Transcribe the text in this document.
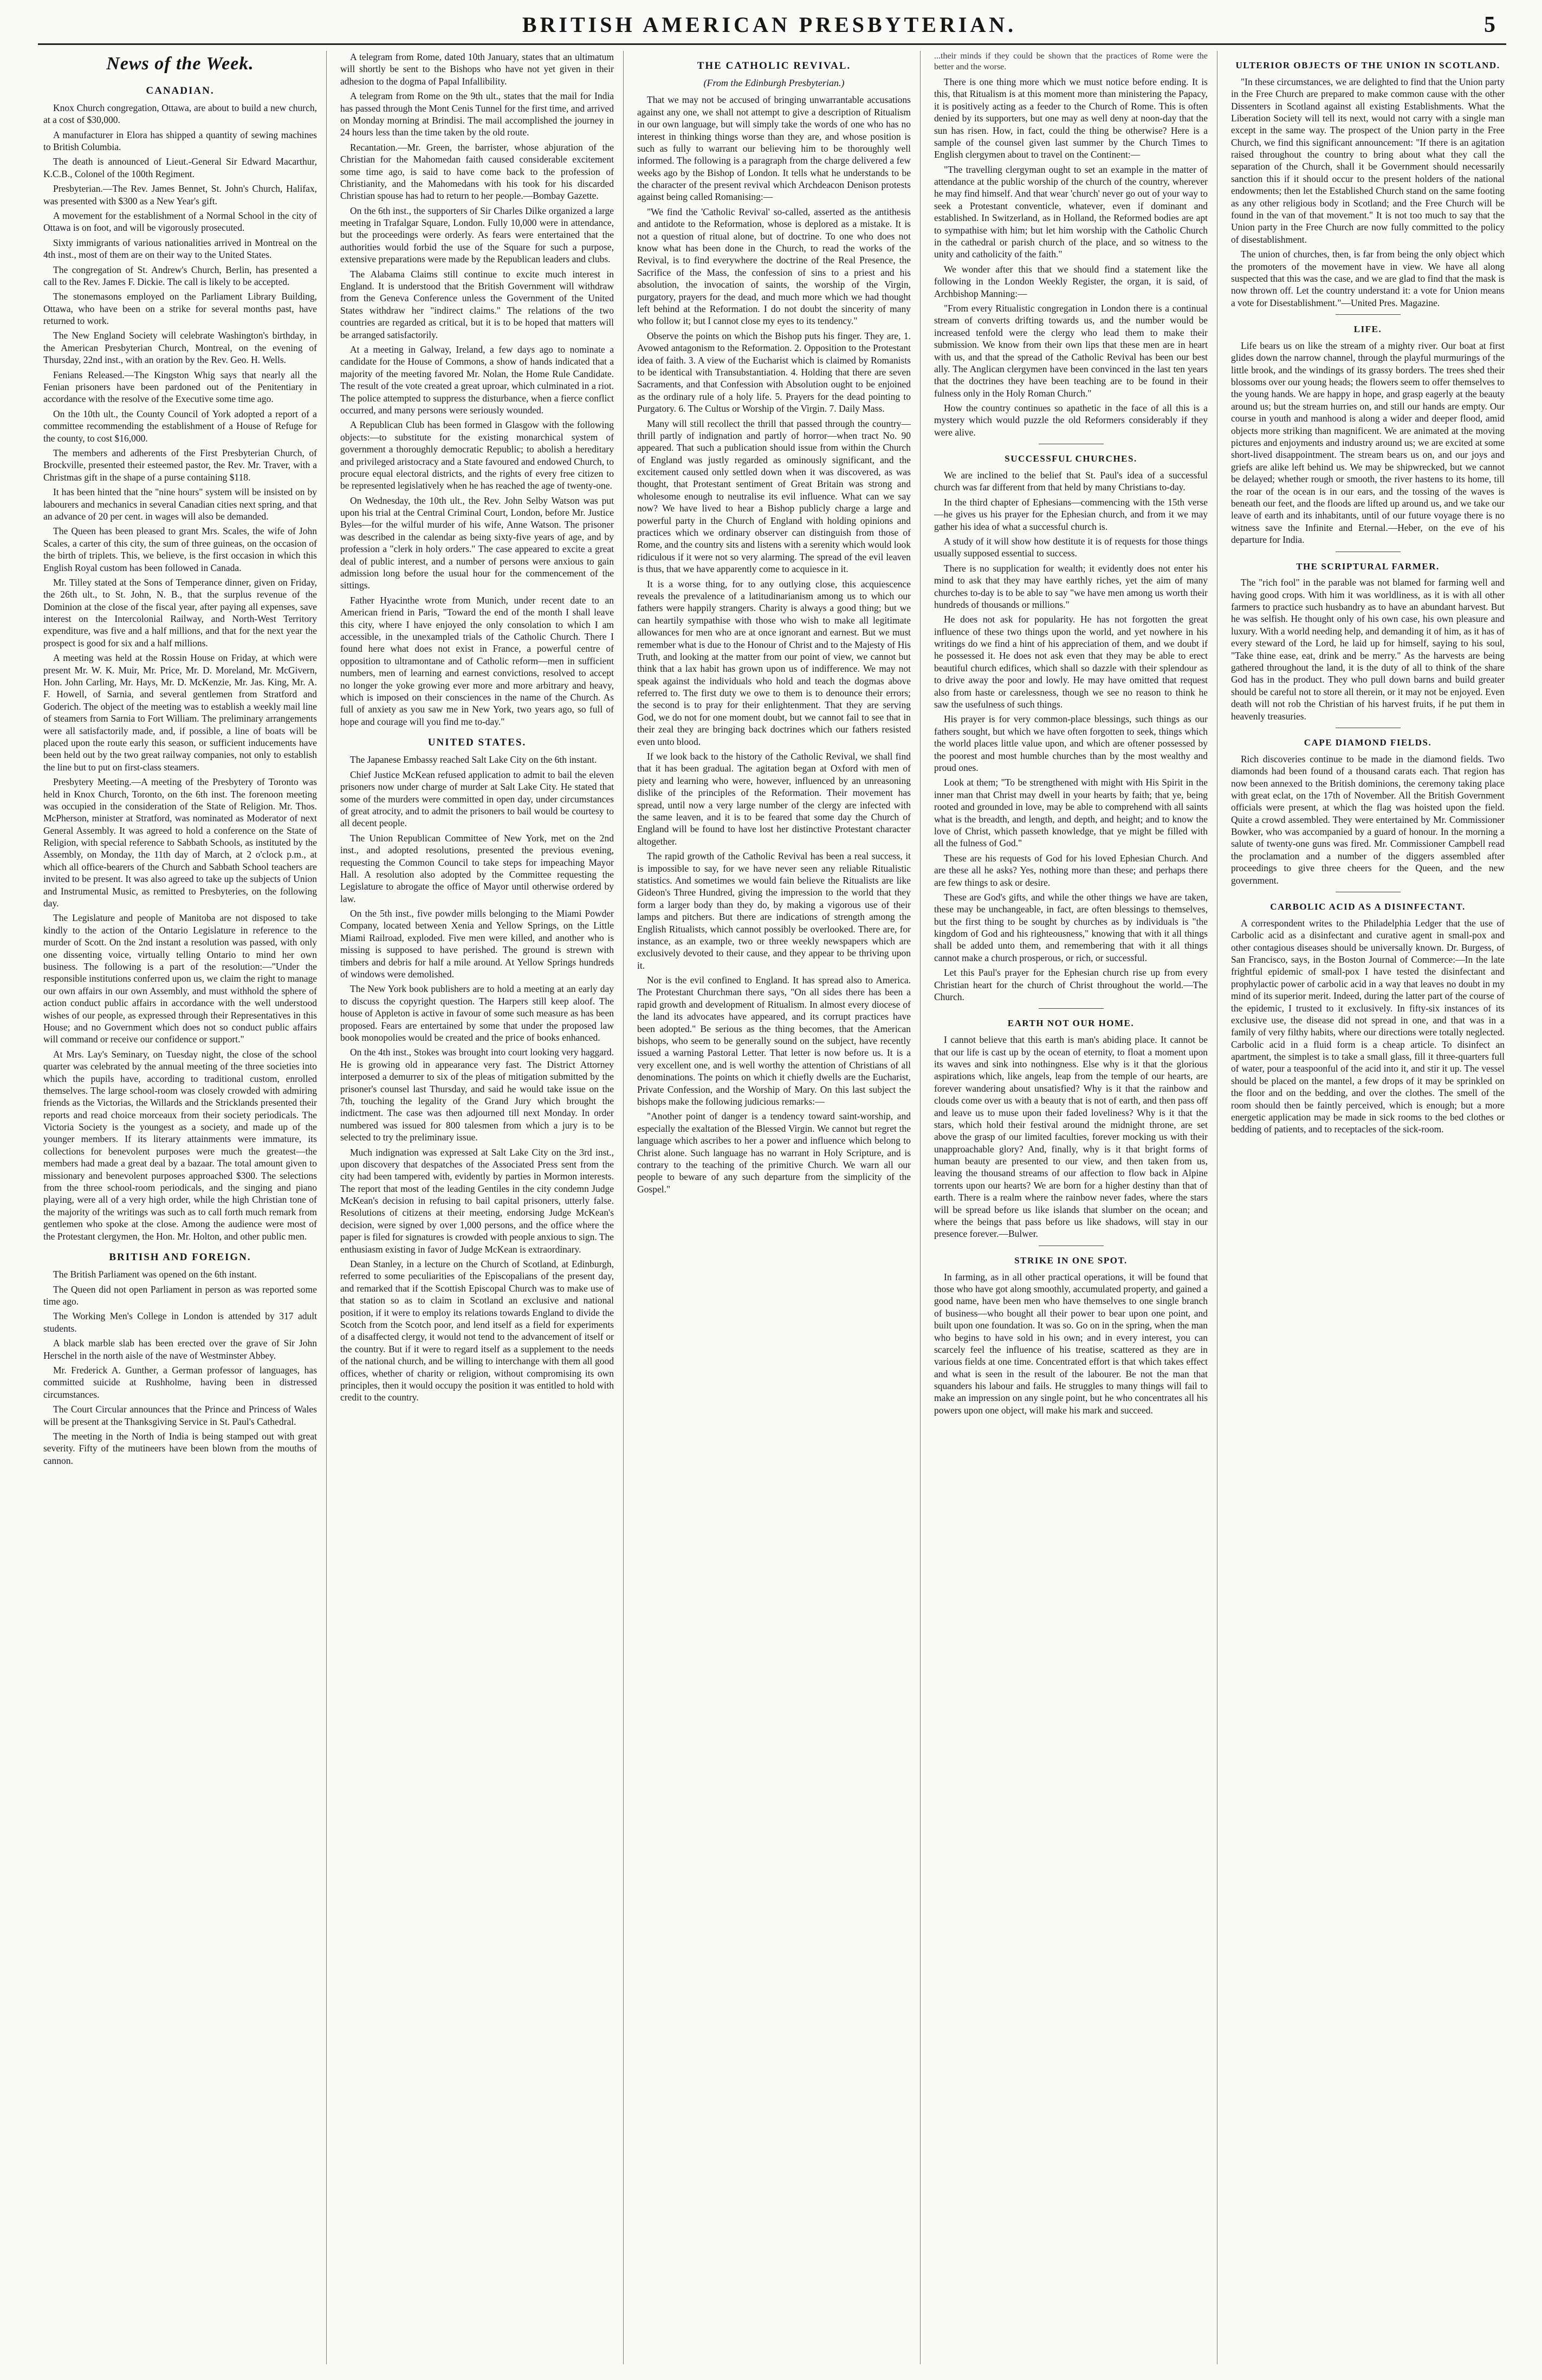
BRITISH AMERICAN PRESBYTERIAN.	5
News of the Week.
CANADIAN.

Knox Church congregation, Ottawa, are about to build a new church, at a cost of $30,000.

A manufacturer in Elora has shipped a quantity of sewing machines to British Columbia.

The death is announced of Lieut.-General Sir Edward Macarthur, K.C.B., Colonel of the 100th Regiment.

Presbyterian.—The Rev. James Bennet, St. John's Church, Halifax, was presented with $300 as a New Year's gift.

A movement for the establishment of a Normal School in the city of Ottawa is on foot, and will be vigorously prosecuted.

Sixty immigrants of various nationalities arrived in Montreal on the 4th inst., most of them are on their way to the United States.

The congregation of St. Andrew's Church, Berlin, has presented a call to the Rev. James F. Dickie. The call is likely to be accepted.

The stonemasons employed on the Parliament Library Building, Ottawa, who have been on a strike for several months past, have returned to work.

The New England Society will celebrate Washington's birthday, in the American Presbyterian Church, Montreal, on the evening of Thursday, 22nd inst., with an oration by the Rev. Geo. H. Wells.

Fenians Released.—The Kingston Whig says that nearly all the Fenian prisoners have been pardoned out of the Penitentiary in accordance with the resolve of the Executive some time ago.

On the 10th ult., the County Council of York adopted a report of a committee recommending the establishment of a House of Refuge for the county, to cost $16,000.

The members and adherents of the First Presbyterian Church, of Brockville, presented their esteemed pastor, the Rev. Mr. Traver, with a Christmas gift in the shape of a purse containing $118.

It has been hinted that the "nine hours" system will be insisted on by labourers and mechanics in several Canadian cities next spring, and that an advance of 20 per cent. in wages will also be demanded.

The Queen has been pleased to grant Mrs. Scales, the wife of John Scales, a carter of this city, the sum of three guineas, on the occasion of the birth of triplets. This, we believe, is the first occasion in which this English Royal custom has been followed in Canada.

Mr. Tilley stated at the Sons of Temperance dinner, given on Friday, the 26th ult., to St. John, N. B., that the surplus revenue of the Dominion at the close of the fiscal year, after paying all expenses, save interest on the Intercolonial Railway, and North-West Territory expenditure, was five and a half millions, and that for the next year the prospect is good for six and a half millions.

A meeting was held at the Rossin House on Friday, at which were present Mr. W. K. Muir, Mr. Price, Mr. D. Moreland, Mr. McGivern, Hon. John Carling, Mr. Hays, Mr. D. McKenzie, Mr. Jas. King, Mr. A. F. Howell, of Sarnia, and several gentlemen from Stratford and Goderich. The object of the meeting was to establish a weekly mail line of steamers from Sarnia to Fort William. The preliminary arrangements were all satisfactorily made, and, if possible, a line of boats will be placed upon the route early this season, or sufficient inducements have been held out by the two great railway companies, not only to establish the line but to put on first-class steamers.

Presbytery Meeting.—A meeting of the Presbytery of Toronto was held in Knox Church, Toronto, on the 6th inst. The forenoon meeting was occupied in the consideration of the State of Religion. Mr. Thos. McPherson, minister at Stratford, was nominated as Moderator of next General Assembly. It was agreed to hold a conference on the State of Religion, with special reference to Sabbath Schools, as instituted by the Assembly, on Monday, the 11th day of March, at 2 o'clock p.m., at which all office-bearers of the Church and Sabbath School teachers are invited to be present. It was also agreed to take up the subjects of Union and Instrumental Music, as remitted to Presbyteries, on the following day.

The Legislature and people of Manitoba are not disposed to take kindly to the action of the Ontario Legislature in reference to the murder of Scott. On the 2nd instant a resolution was passed, with only one dissenting voice, virtually telling Ontario to mind her own business. The following is a part of the resolution:—"Under the responsible institutions conferred upon us, we claim the right to manage our own affairs in our own Assembly, and must withhold the sphere of action conduct public affairs in accordance with the well understood wishes of our people, as expressed through their Representatives in this House; and no Government which does not so conduct public affairs will command or receive our confidence or support."

At Mrs. Lay's Seminary, on Tuesday night, the close of the school quarter was celebrated by the annual meeting of the three societies into which the pupils have, according to traditional custom, enrolled themselves. The large school-room was closely crowded with admiring friends as the Victorias, the Willards and the Stricklands presented their reports and read choice morceaux from their society periodicals. The Victoria Society is the youngest as a society, and made up of the younger members. If its literary attainments were immature, its collections for benevolent purposes were much the greatest—the members had made a great deal by a bazaar. The total amount given to missionary and benevolent purposes approached $300. The selections from the three school-room periodicals, and the singing and piano playing, were all of a very high order, while the high Christian tone of the majority of the writings was such as to call forth much remark from gentlemen who spoke at the close. Among the audience were most of the Protestant clergymen, the Hon. Mr. Holton, and other public men.

BRITISH AND FOREIGN.

The British Parliament was opened on the 6th instant.

The Queen did not open Parliament in person as was reported some time ago.

The Working Men's College in London is attended by 317 adult students.

A black marble slab has been erected over the grave of Sir John Herschel in the north aisle of the nave of Westminster Abbey.

Mr. Frederick A. Gunther, a German professor of languages, has committed suicide at Rushholme, having been in distressed circumstances.

The Court Circular announces that the Prince and Princess of Wales will be present at the Thanksgiving Service in St. Paul's Cathedral.

The meeting in the North of India is being stamped out with great severity. Fifty of the mutineers have been blown from the mouths of cannon.

A telegram from Rome, dated 10th January, states that an ultimatum will shortly be sent to the Bishops who have not yet given in their adhesion to the dogma of Papal Infallibility.

A telegram from Rome on the 9th ult., states that the mail for India has passed through the Mont Cenis Tunnel for the first time, and arrived on Monday morning at Brindisi. The mail accomplished the journey in 24 hours less than the time taken by the old route.

Recantation.—Mr. Green, the barrister, whose abjuration of the Christian for the Mahomedan faith caused considerable excitement some time ago, is said to have come back to the profession of Christianity, and the Mahomedans with his took for his discarded Christian spouse has had to return to her people.—Bombay Gazette.

On the 6th inst., the supporters of Sir Charles Dilke organized a large meeting in Trafalgar Square, London. Fully 10,000 were in attendance, but the proceedings were orderly. As fears were entertained that the authorities would forbid the use of the Square for such a purpose, extensive preparations were made by the Republican leaders and clubs.

The Alabama Claims still continue to excite much interest in England. It is understood that the British Government will withdraw from the Geneva Conference unless the Government of the United States withdraw her "indirect claims." The relations of the two countries are regarded as critical, but it is to be hoped that matters will be arranged satisfactorily.

At a meeting in Galway, Ireland, a few days ago to nominate a candidate for the House of Commons, a show of hands indicated that a majority of the meeting favored Mr. Nolan, the Home Rule Candidate. The result of the vote created a great uproar, which culminated in a riot. The police attempted to suppress the disturbance, when a fierce conflict occurred, and many persons were seriously wounded.

A Republican Club has been formed in Glasgow with the following objects:—to substitute for the existing monarchical system of government a thoroughly democratic Republic; to abolish a hereditary and privileged aristocracy and a State favoured and endowed Church, to procure equal electoral districts, and the rights of every free citizen to be represented legislatively when he has reached the age of twenty-one.

On Wednesday, the 10th ult., the Rev. John Selby Watson was put upon his trial at the Central Criminal Court, London, before Mr. Justice Byles—for the wilful murder of his wife, Anne Watson. The prisoner was described in the calendar as being sixty-five years of age, and by profession a "clerk in holy orders." The case appeared to excite a great deal of public interest, and a number of persons were anxious to gain admission long before the usual hour for the commencement of the sittings.

Father Hyacinthe wrote from Munich, under recent date to an American friend in Paris, "Toward the end of the month I shall leave this city, where I have enjoyed the only consolation to which I am accessible, in the unexampled trials of the Catholic Church. There I found here what does not exist in France, a powerful centre of opposition to ultramontane and of Catholic reform—men in sufficient numbers, men of learning and earnest convictions, resolved to accept no longer the yoke growing ever more and more arbitrary and heavy, which is imposed on their consciences in the name of the Church. As full of anxiety as you saw me in New York, two years ago, so full of hope and courage will you find me to-day."

UNITED STATES.

The Japanese Embassy reached Salt Lake City on the 6th instant.

Chief Justice McKean refused application to admit to bail the eleven prisoners now under charge of murder at Salt Lake City. He stated that some of the murders were committed in open day, under circumstances of great atrocity, and to admit the prisoners to bail would be courtesy to all decent people.

The Union Republican Committee of New York, met on the 2nd inst., and adopted resolutions, presented the previous evening, requesting the Common Council to take steps for impeaching Mayor Hall. A resolution also adopted by the Committee requesting the Legislature to abrogate the office of Mayor until otherwise ordered by law.

On the 5th inst., five powder mills belonging to the Miami Powder Company, located between Xenia and Yellow Springs, on the Little Miami Railroad, exploded. Five men were killed, and another who is missing is supposed to have perished. The ground is strewn with timbers and debris for half a mile around. At Yellow Springs hundreds of windows were demolished.

The New York book publishers are to hold a meeting at an early day to discuss the copyright question. The Harpers still keep aloof. The house of Appleton is active in favour of some such measure as has been proposed. Fears are entertained by some that under the proposed law book monopolies would be created and the price of books enhanced.

On the 4th inst., Stokes was brought into court looking very haggard. He is growing old in appearance very fast. The District Attorney interposed a demurrer to six of the pleas of mitigation submitted by the prisoner's counsel last Thursday, and said he would take issue on the 7th, touching the legality of the Grand Jury which brought the indictment. The case was then adjourned till next Monday. In order numbered was issued for 800 talesmen from which a jury is to be selected to try the preliminary issue.

Much indignation was expressed at Salt Lake City on the 3rd inst., upon discovery that despatches of the Associated Press sent from the city had been tampered with, evidently by parties in Mormon interests. The report that most of the leading Gentiles in the city condemn Judge McKean's decision in refusing to bail capital prisoners, utterly false. Resolutions of citizens at their meeting, endorsing Judge McKean's decision, were signed by over 1,000 persons, and the office where the paper is filed for signatures is crowded with people anxious to sign. The enthusiasm existing in favor of Judge McKean is extraordinary.

Dean Stanley, in a lecture on the Church of Scotland, at Edinburgh, referred to some peculiarities of the Episcopalians of the present day, and remarked that if the Scottish Episcopal Church was to make use of that station so as to claim in Scotland an exclusive and national position, if it were to employ its relations towards England to divide the Scotch from the Scotch poor, and lend itself as a field for experiments of a disaffected clergy, it would not tend to the advancement of itself or the country. But if it were to regard itself as a supplement to the needs of the national church, and be willing to interchange with them all good offices, whether of charity or religion, without compromising its own principles, then it would occupy the position it was entitled to hold with credit to the country.

THE CATHOLIC REVIVAL.
(From the Edinburgh Presbyterian.)

That we may not be accused of bringing unwarrantable accusations against any one, we shall not attempt to give a description of Ritualism in our own language, but will simply take the words of one who has no interest in thinking things worse than they are, and whose position is such as fully to warrant our believing him to be thoroughly well informed. The following is a paragraph from the charge delivered a few weeks ago by the Bishop of London. It tells what he understands to be the character of the present revival which Archdeacon Denison protests against being called Romanising:—

"We find the 'Catholic Revival' so-called, asserted as the antithesis and antidote to the Reformation, whose is deplored as a mistake. It is not a question of ritual alone, but of doctrine. To one who does not know what has been done in the Church, to read the works of the Revival, is to find everywhere the doctrine of the Real Presence, the Sacrifice of the Mass, the confession of sins to a priest and his absolution, the invocation of saints, the worship of the Virgin, purgatory, prayers for the dead, and much more which we had thought left behind at the Reformation. I do not doubt the sincerity of many who follow it; but I cannot close my eyes to its tendency."

Observe the points on which the Bishop puts his finger. They are, 1. Avowed antagonism to the Reformation. 2. Opposition to the Protestant idea of faith. 3. A view of the Eucharist which is claimed by Romanists to be identical with Transubstantiation. 4. Holding that there are seven Sacraments, and that Confession with Absolution ought to be enjoined as the ordinary rule of a holy life. 5. Prayers for the dead pointing to Purgatory. 6. The Cultus or Worship of the Virgin. 7. Daily Mass.

Many will still recollect the thrill that passed through the country—thrill partly of indignation and partly of horror—when tract No. 90 appeared. That such a publication should issue from within the Church of England was justly regarded as ominously significant, and the excitement caused only settled down when it was discovered, as was thought, that Protestant sentiment of Great Britain was strong and wholesome enough to neutralise its evil influence. What can we say now? We have lived to hear a Bishop publicly charge a large and powerful party in the Church of England with holding opinions and practices which we ordinary observer can distinguish from those of Rome, and the country sits and listens with a serenity which would look ridiculous if it were not so very alarming. The spread of the evil leaven is thus, that we have apparently come to acquiesce in it.

It is a worse thing, for to any outlying close, this acquiescence reveals the prevalence of a latitudinarianism among us to which our fathers were happily strangers. Charity is always a good thing; but we can heartily sympathise with those who wish to make all legitimate allowances for men who are at once ignorant and earnest. But we must remember what is due to the Honour of Christ and to the Majesty of His Truth, and looking at the matter from our point of view, we cannot but think that a lax habit has grown upon us of indifference. We may not speak against the individuals who hold and teach the dogmas above referred to. The first duty we owe to them is to denounce their errors; the second is to pray for their enlightenment. That they are serving God, we do not for one moment doubt, but we cannot fail to see that in their zeal they are bringing back doctrines which our fathers resisted even unto blood.

If we look back to the history of the Catholic Revival, we shall find that it has been gradual. The agitation began at Oxford with men of piety and learning who were, however, influenced by an unreasoning dislike of the principles of the Reformation. Their movement has spread, until now a very large number of the clergy are infected with the same leaven, and it is to be feared that some day the Church of England will be found to have lost her distinctive Protestant character altogether.

The rapid growth of the Catholic Revival has been a real success, it is impossible to say, for we have never seen any reliable Ritualistic statistics. And sometimes we would fain believe the Ritualists are like Gideon's Three Hundred, giving the impression to the world that they form a larger body than they do, by making a vigorous use of their lamps and pitchers. But there are indications of strength among the English Ritualists, which cannot possibly be overlooked. There are, for instance, as an example, two or three weekly newspapers which are exclusively devoted to their cause, and they appear to be thriving upon it.

Nor is the evil confined to England. It has spread also to America. The Protestant Churchman there says, "On all sides there has been a rapid growth and development of Ritualism. In almost every diocese of the land its advocates have appeared, and its corrupt practices have been adopted." Be serious as the thing becomes, that the American bishops, who seem to be generally sound on the subject, have recently issued a warning Pastoral Letter. That letter is now before us. It is a very excellent one, and is well worthy the attention of Christians of all denominations. The points on which it chiefly dwells are the Eucharist, Private Confession, and the Worship of Mary. On this last subject the bishops make the following judicious remarks:—

"Another point of danger is a tendency toward saint-worship, and especially the exaltation of the Blessed Virgin. We cannot but regret the language which ascribes to her a power and influence which belong to Christ alone. Such language has no warrant in Holy Scripture, and is contrary to the teaching of the primitive Church. We warn all our people to beware of any such departure from the simplicity of the Gospel."

...their minds if they could be shown that the practices of Rome were the better and the worse.

There is one thing more which we must notice before ending. It is this, that Ritualism is at this moment more than ministering the Papacy, it is positively acting as a feeder to the Church of Rome. This is often denied by its supporters, but one may as well deny at noon-day that the sun has risen. How, in fact, could the thing be otherwise? Here is a sample of the counsel given last summer by the Church Times to English clergymen about to travel on the Continent:—

"The travelling clergyman ought to set an example in the matter of attendance at the public worship of the church of the country, wherever he may find himself. And that wear 'church' never go out of your way to seek a Protestant conventicle, whatever, even if dominant and established. In Switzerland, as in Holland, the Reformed bodies are apt to sympathise with him; but let him worship with the Catholic Church in the cathedral or parish church of the place, and so witness to the unity and catholicity of the faith."

We wonder after this that we should find a statement like the following in the London Weekly Register, the organ, it is said, of Archbishop Manning:—

"From every Ritualistic congregation in London there is a continual stream of converts drifting towards us, and the number would be increased tenfold were the clergy who lead them to make their submission. We know from their own lips that these men are in heart with us, and that the spread of the Catholic Revival has been our best ally. The Anglican clergymen have been convinced in the last ten years that the doctrines they have been teaching are to be found in their fulness only in the Holy Roman Church."

How the country continues so apathetic in the face of all this is a mystery which would puzzle the old Reformers considerably if they were alive.

SUCCESSFUL CHURCHES.

We are inclined to the belief that St. Paul's idea of a successful church was far different from that held by many Christians to-day.

In the third chapter of Ephesians—commencing with the 15th verse—he gives us his prayer for the Ephesian church, and from it we may gather his idea of what a successful church is.

A study of it will show how destitute it is of requests for those things usually supposed essential to success.

There is no supplication for wealth; it evidently does not enter his mind to ask that they may have earthly riches, yet the aim of many churches to-day is to be able to say "we have men among us worth their hundreds of thousands or millions."

He does not ask for popularity. He has not forgotten the great influence of these two things upon the world, and yet nowhere in his writings do we find a hint of his appreciation of them, and we doubt if he possessed it. He does not ask even that they may be able to erect beautiful church edifices, which shall so dazzle with their splendour as to drive away the poor and lowly. He may have omitted that request also from haste or carelessness, though we see no reason to think he saw the usefulness of such things.

His prayer is for very common-place blessings, such things as our fathers sought, but which we have often forgotten to seek, things which the world places little value upon, and which are oftener possessed by the poorest and most humble churches than by the most wealthy and proud ones.

Look at them; "To be strengthened with might with His Spirit in the inner man that Christ may dwell in your hearts by faith; that ye, being rooted and grounded in love, may be able to comprehend with all saints what is the breadth, and length, and depth, and height; and to know the love of Christ, which passeth knowledge, that ye might be filled with all the fulness of God."

These are his requests of God for his loved Ephesian Church. And are these all he asks? Yes, nothing more than these; and perhaps there are few things to ask or desire.

These are God's gifts, and while the other things we have are taken, these may be unchangeable, in fact, are often blessings to themselves, but the first thing to be sought by churches as by individuals is "the kingdom of God and his righteousness," knowing that with it all things shall be added unto them, and remembering that with it all things cannot make a church prosperous, or rich, or successful.

Let this Paul's prayer for the Ephesian church rise up from every Christian heart for the church of Christ throughout the world.—The Church.

EARTH NOT OUR HOME.

I cannot believe that this earth is man's abiding place. It cannot be that our life is cast up by the ocean of eternity, to float a moment upon its waves and sink into nothingness. Else why is it that the glorious aspirations which, like angels, leap from the temple of our hearts, are forever wandering about unsatisfied? Why is it that the rainbow and clouds come over us with a beauty that is not of earth, and then pass off and leave us to muse upon their faded loveliness? Why is it that the stars, which hold their festival around the midnight throne, are set above the grasp of our limited faculties, forever mocking us with their unapproachable glory? And, finally, why is it that bright forms of human beauty are presented to our view, and then taken from us, leaving the thousand streams of our affection to flow back in Alpine torrents upon our hearts? We are born for a higher destiny than that of earth. There is a realm where the rainbow never fades, where the stars will be spread before us like islands that slumber on the ocean; and where the beings that pass before us like shadows, will stay in our presence forever.—Bulwer.

STRIKE IN ONE SPOT.

In farming, as in all other practical operations, it will be found that those who have got along smoothly, accumulated property, and gained a good name, have been men who have themselves to one single branch of business—who bought all their power to bear upon one point, and built upon one foundation. It was so. Go on in the spring, when the man who begins to have sold in his own; and in every interest, you can scarcely feel the influence of his treatise, scattered as they are in various fields at one time. Concentrated effort is that which takes effect and what is seen in the result of the labourer. Be not the man that squanders his labour and fails. He struggles to many things will fail to make an impression on any single point, but he who concentrates all his powers upon one object, will make his mark and succeed.

ULTERIOR OBJECTS OF THE UNION IN SCOTLAND.

"In these circumstances, we are delighted to find that the Union party in the Free Church are prepared to make common cause with the other Dissenters in Scotland against all existing Establishments. What the Liberation Society will tell its next, would not carry with a single man except in the same way. The prospect of the Union party in the Free Church, we find this significant announcement: "If there is an agitation raised throughout the country to bring about what they call the separation of the Church, shall it be Government should necessarily sanction this if it should occur to the present holders of the national endowments; then let the Established Church stand on the same footing as any other religious body in Scotland; and the Free Church will be found in the van of that movement." It is not too much to say that the Union party in the Free Church are now fully committed to the policy of disestablishment.

The union of churches, then, is far from being the only object which the promoters of the movement have in view. We have all along suspected that this was the case, and we are glad to find that the mask is now thrown off. Let the country understand it: a vote for Union means a vote for Disestablishment."—United Pres. Magazine.

LIFE.

Life bears us on like the stream of a mighty river. Our boat at first glides down the narrow channel, through the playful murmurings of the little brook, and the windings of its grassy borders. The trees shed their blossoms over our young heads; the flowers seem to offer themselves to the young hands. We are happy in hope, and grasp eagerly at the beauty around us; but the stream hurries on, and still our hands are empty. Our course in youth and manhood is along a wider and deeper flood, amid objects more striking than magnificent. We are animated at the moving pictures and enjoyments and industry around us; we are excited at some short-lived disappointment. The stream bears us on, and our joys and griefs are alike left behind us. We may be shipwrecked, but we cannot be delayed; whether rough or smooth, the river hastens to its home, till the roar of the ocean is in our ears, and the tossing of the waves is beneath our feet, and the floods are lifted up around us, and we take our leave of earth and its inhabitants, until of our future voyage there is no witness save the Infinite and Eternal.—Heber, on the eve of his departure for India.

THE SCRIPTURAL FARMER.

The "rich fool" in the parable was not blamed for farming well and having good crops. With him it was worldliness, as it is with all other farmers to practice such husbandry as to have an abundant harvest. But he was selfish. He thought only of his own case, his own pleasure and luxury. With a world needing help, and demanding it of him, as it has of every steward of the Lord, he laid up for himself, saying to his soul, "Take thine ease, eat, drink and be merry." As the harvests are being gathered throughout the land, it is the duty of all to think of the share God has in the product. They who pull down barns and build greater should be careful not to store all therein, or it may not be enjoyed. Even death will not rob the Christian of his harvest fruits, if he put them in heavenly treasuries.

CAPE DIAMOND FIELDS.

Rich discoveries continue to be made in the diamond fields. Two diamonds had been found of a thousand carats each. That region has now been annexed to the British dominions, the ceremony taking place with great eclat, on the 17th of November. All the British Government officials were present, at which the flag was hoisted upon the field. Quite a crowd assembled. They were entertained by Mr. Commissioner Bowker, who was accompanied by a guard of honour. In the morning a salute of twenty-one guns was fired. Mr. Commissioner Campbell read the proclamation and a number of the diggers assembled after proceedings to give three cheers for the Queen, and the new government.

CARBOLIC ACID AS A DISINFECTANT.

A correspondent writes to the Philadelphia Ledger that the use of Carbolic acid as a disinfectant and curative agent in small-pox and other contagious diseases should be universally known. Dr. Burgess, of San Francisco, says, in the Boston Journal of Commerce:—In the late frightful epidemic of small-pox I have tested the disinfectant and prophylactic power of carbolic acid in a way that leaves no doubt in my mind of its superior merit. Indeed, during the latter part of the course of the epidemic, I trusted to it exclusively. In fifty-six instances of its exclusive use, the disease did not spread in one, and that was in a family of very filthy habits, where our directions were totally neglected. Carbolic acid in a fluid form is a cheap article. To disinfect an apartment, the simplest is to take a small glass, fill it three-quarters full of water, pour a teaspoonful of the acid into it, and stir it up. The vessel should be placed on the mantel, a few drops of it may be sprinkled on the floor and on the bedding, and over the clothes. The smell of the room should then be faintly perceived, which is enough; but a more energetic application may be made in sick rooms to the bed clothes or bedding of patients, and to receptacles of the sick-room.
